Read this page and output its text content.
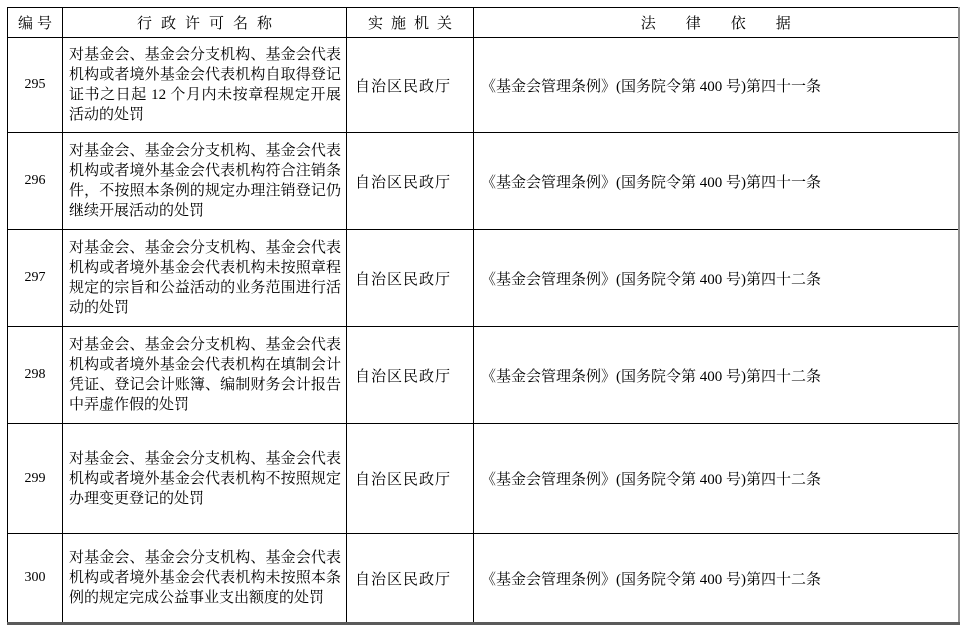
编号	行政许可名称	实施机关	法律依据
295	对基金会、基金会分支机构、基金会代表机构或者境外基金会代表机构自取得登记证书之日起 12 个月内未按章程规定开展活动的处罚	自治区民政厅	《基金会管理条例》(国务院令第 400 号)第四十一条
296	对基金会、基金会分支机构、基金会代表机构或者境外基金会代表机构符合注销条件，不按照本条例的规定办理注销登记仍继续开展活动的处罚	自治区民政厅	《基金会管理条例》(国务院令第 400 号)第四十一条
297	对基金会、基金会分支机构、基金会代表机构或者境外基金会代表机构未按照章程规定的宗旨和公益活动的业务范围进行活动的处罚	自治区民政厅	《基金会管理条例》(国务院令第 400 号)第四十二条
298	对基金会、基金会分支机构、基金会代表机构或者境外基金会代表机构在填制会计凭证、登记会计账簿、编制财务会计报告中弄虚作假的处罚	自治区民政厅	《基金会管理条例》(国务院令第 400 号)第四十二条
299	对基金会、基金会分支机构、基金会代表机构或者境外基金会代表机构不按照规定办理变更登记的处罚	自治区民政厅	《基金会管理条例》(国务院令第 400 号)第四十二条
300	对基金会、基金会分支机构、基金会代表机构或者境外基金会代表机构未按照本条例的规定完成公益事业支出额度的处罚	自治区民政厅	《基金会管理条例》(国务院令第 400 号)第四十二条
